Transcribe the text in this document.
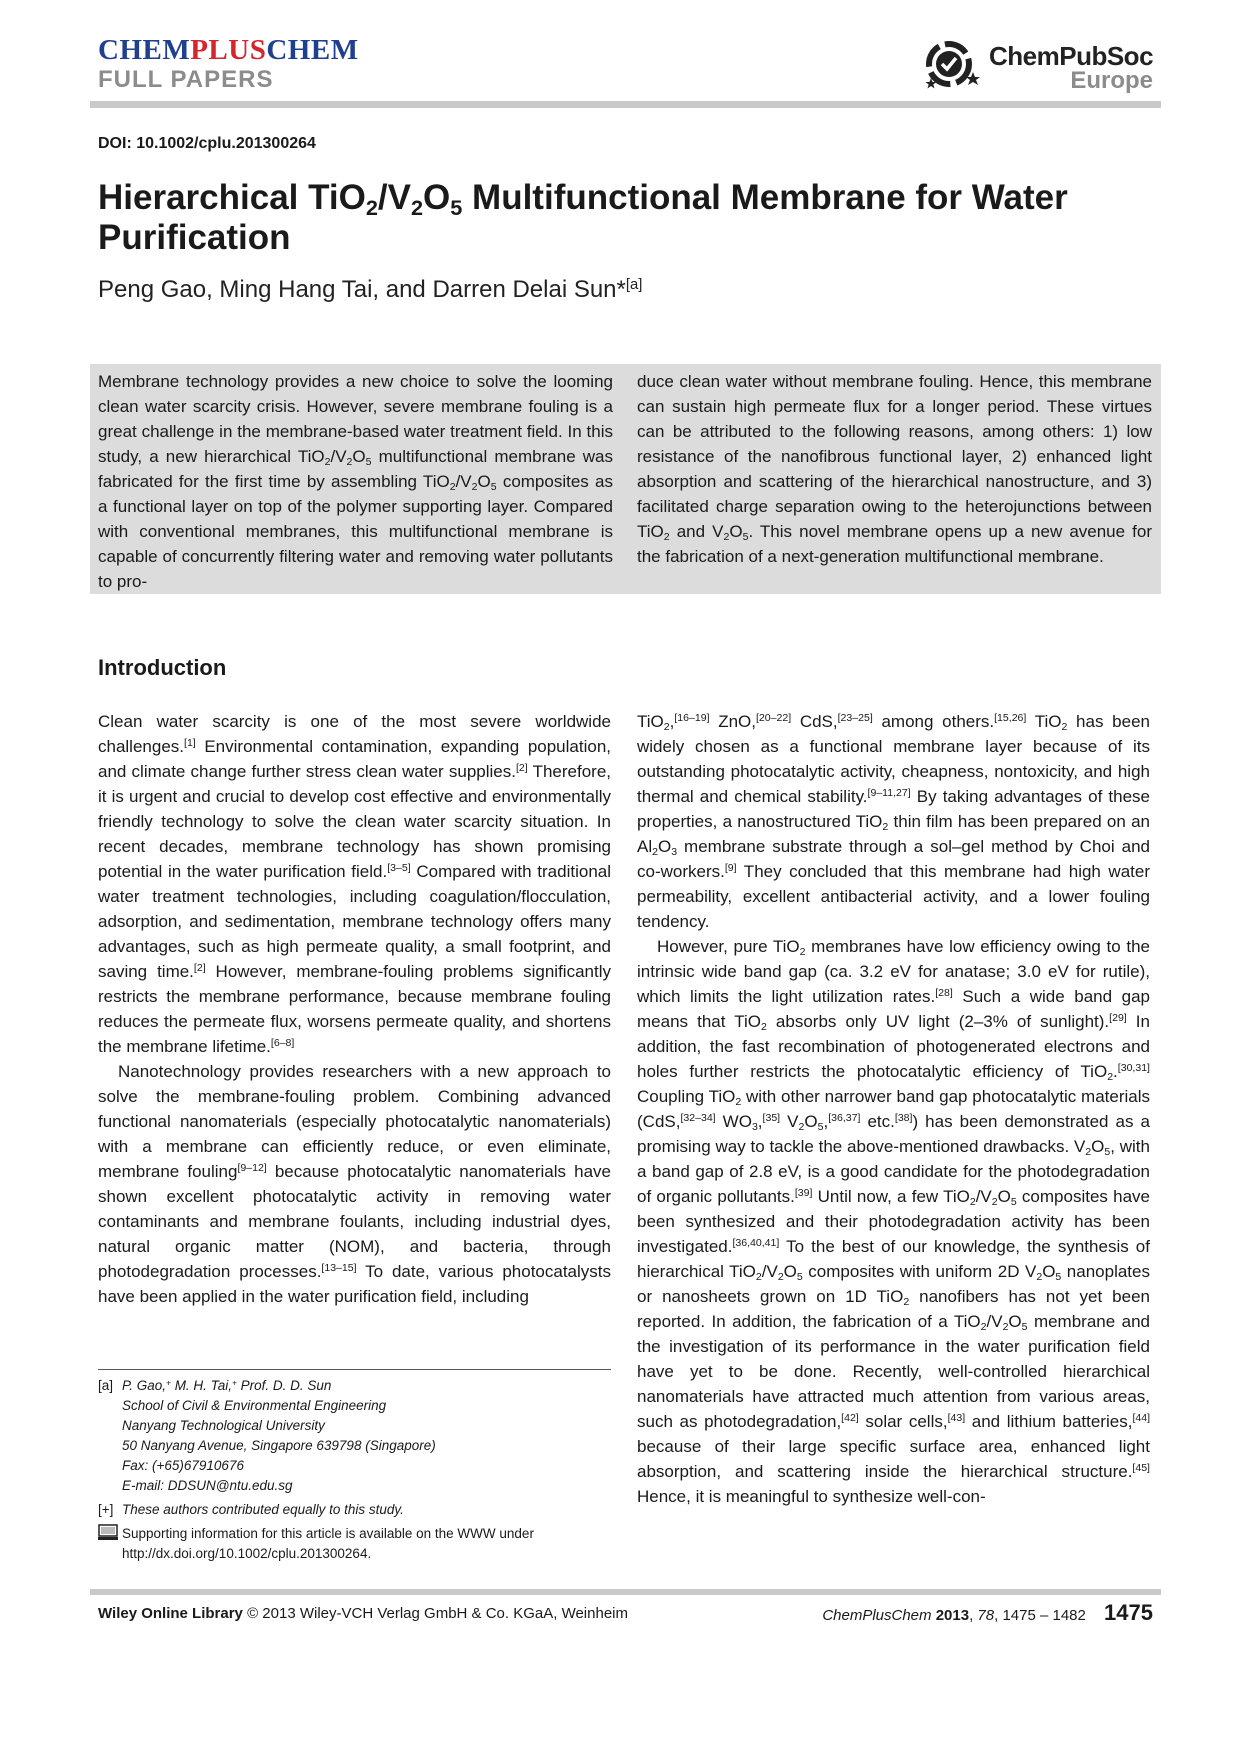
CHEMPLUSCHEM
FULL PAPERS
ChemPubSoc
Europe
DOI: 10.1002/cplu.201300264
Hierarchical $TiO_2/V_2O_5$ Multifunctional Membrane for Water Purification
Peng Gao, Ming Hang Tai, and Darren Delai Sun*[a]
Membrane technology provides a new choice to solve the looming clean water scarcity crisis. However, severe membrane fouling is a great challenge in the membrane-based water treatment field. In this study, a new hierarchical $TiO_2/V_2O_5$ multifunctional membrane was fabricated for the first time by assembling $TiO_2/V_2O_5$ composites as a functional layer on top of the polymer supporting layer. Compared with conventional membranes, this multifunctional membrane is capable of concurrently filtering water and removing water pollutants to pro-
duce clean water without membrane fouling. Hence, this membrane can sustain high permeate flux for a longer period. These virtues can be attributed to the following reasons, among others: 1) low resistance of the nanofibrous functional layer, 2) enhanced light absorption and scattering of the hierarchical nanostructure, and 3) facilitated charge separation owing to the heterojunctions between TiO$_2$ and $V_2O_5$. This novel membrane opens up a new avenue for the fabrication of a next-generation multifunctional membrane.
Introduction

Clean water scarcity is one of the most severe worldwide challenges.[1] Environmental contamination, expanding population, and climate change further stress clean water supplies.[2] Therefore, it is urgent and crucial to develop cost effective and environmentally friendly technology to solve the clean water scarcity situation. In recent decades, membrane technology has shown promising potential in the water purification field.[3–5] Compared with traditional water treatment technologies, including coagulation/flocculation, adsorption, and sedimentation, membrane technology offers many advantages, such as high permeate quality, a small footprint, and saving time.[2] However, membrane-fouling problems significantly restricts the membrane performance, because membrane fouling reduces the permeate flux, worsens permeate quality, and shortens the membrane lifetime.[6–8]

Nanotechnology provides researchers with a new approach to solve the membrane-fouling problem. Combining advanced functional nanomaterials (especially photocatalytic nanomaterials) with a membrane can efficiently reduce, or even eliminate, membrane fouling[9–12] because photocatalytic nanomaterials have shown excellent photocatalytic activity in removing water contaminants and membrane foulants, including industrial dyes, natural organic matter (NOM), and bacteria, through photodegradation processes.[13–15] To date, various photocatalysts have been applied in the water purification field, including

TiO$_2$,[16–19] ZnO,[20–22] CdS,[23–25] among others.[15,26] TiO$_2$ has been widely chosen as a functional membrane layer because of its outstanding photocatalytic activity, cheapness, nontoxicity, and high thermal and chemical stability.[9–11,27] By taking advantages of these properties, a nanostructured TiO$_2$ thin film has been prepared on an $Al_2O_3$ membrane substrate through a sol–gel method by Choi and co-workers.[9] They concluded that this membrane had high water permeability, excellent antibacterial activity, and a lower fouling tendency.

However, pure TiO$_2$ membranes have low efficiency owing to the intrinsic wide band gap (ca. 3.2 eV for anatase; 3.0 eV for rutile), which limits the light utilization rates.[28] Such a wide band gap means that TiO$_2$ absorbs only UV light (2–3% of sunlight).[29] In addition, the fast recombination of photogenerated electrons and holes further restricts the photocatalytic efficiency of TiO$_2$.[30,31] Coupling TiO$_2$ with other narrower band gap photocatalytic materials (CdS,[32–34] $WO_3,[35]$ $V_2O_5,[36,37]$ etc.[38]) has been demonstrated as a promising way to tackle the above-mentioned drawbacks. $V_2O_5$, with a band gap of 2.8 eV, is a good candidate for the photodegradation of organic pollutants.[39] Until now, a few $TiO_2/V_2O_5$ composites have been synthesized and their photodegradation activity has been investigated.[36,40,41] To the best of our knowledge, the synthesis of hierarchical $TiO_2/V_2O_5$ composites with uniform 2D $V_2O_5$ nanoplates or nanosheets grown on 1D TiO$_2$ nanofibers has not yet been reported. In addition, the fabrication of a $TiO_2/V_2O_5$ membrane and the investigation of its performance in the water purification field have yet to be done. Recently, well-controlled hierarchical nanomaterials have attracted much attention from various areas, such as photodegradation,[42] solar cells,[43] and lithium batteries,[44] because of their large specific surface area, enhanced light absorption, and scattering inside the hierarchical structure.[45] Hence, it is meaningful to synthesize well-con-

[a] P. Gao,+ M. H. Tai,+ Prof. D. D. Sun
School of Civil & Environmental Engineering
Nanyang Technological University
50 Nanyang Avenue, Singapore 639798 (Singapore)
Fax: (+65)67910676
E-mail: DDSUN@ntu.edu.sg
[+] These authors contributed equally to this study.
Supporting information for this article is available on the WWW under http://dx.doi.org/10.1002/cplu.201300264.
Wiley Online Library © 2013 Wiley-VCH Verlag GmbH & Co. KGaA, Weinheim	ChemPlusChem 2013, 78, 1475 – 1482 1475
